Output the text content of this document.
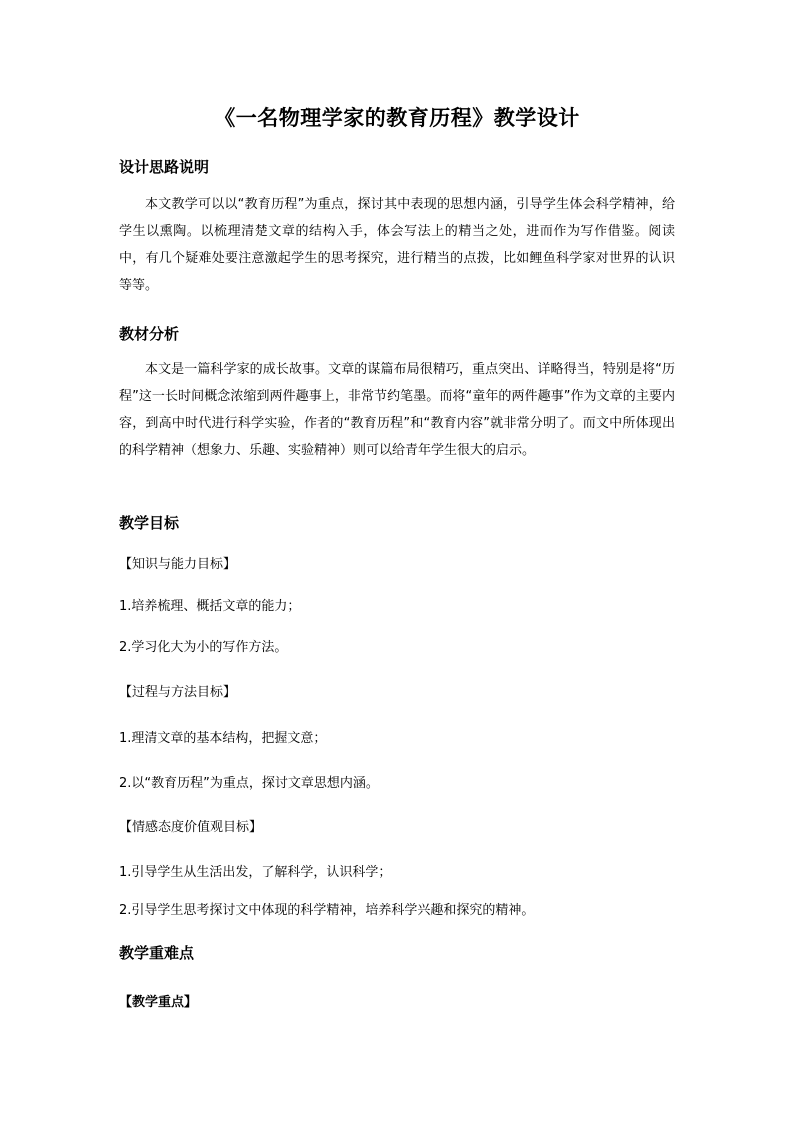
《一名物理学家的教育历程》教学设计
设计思路说明

本文教学可以以“教育历程”为重点，探讨其中表现的思想内涵，引导学生体会科学精神，给学生以熏陶。以梳理清楚文章的结构入手，体会写法上的精当之处，进而作为写作借鉴。阅读中，有几个疑难处要注意激起学生的思考探究，进行精当的点拨，比如鲤鱼科学家对世界的认识等等。

教材分析

本文是一篇科学家的成长故事。文章的谋篇布局很精巧，重点突出、详略得当，特别是将“历程”这一长时间概念浓缩到两件趣事上，非常节约笔墨。而将“童年的两件趣事”作为文章的主要内容，到高中时代进行科学实验，作者的“教育历程”和“教育内容”就非常分明了。而文中所体现出的科学精神（想象力、乐趣、实验精神）则可以给青年学生很大的启示。

教学目标
【知识与能力目标】
1.培养梳理、概括文章的能力；
2.学习化大为小的写作方法。
【过程与方法目标】
1.理清文章的基本结构，把握文意；
2.以“教育历程”为重点，探讨文章思想内涵。
【情感态度价值观目标】
1.引导学生从生活出发，了解科学，认识科学；
2.引导学生思考探讨文中体现的科学精神，培养科学兴趣和探究的精神。
教学重难点
【教学重点】
